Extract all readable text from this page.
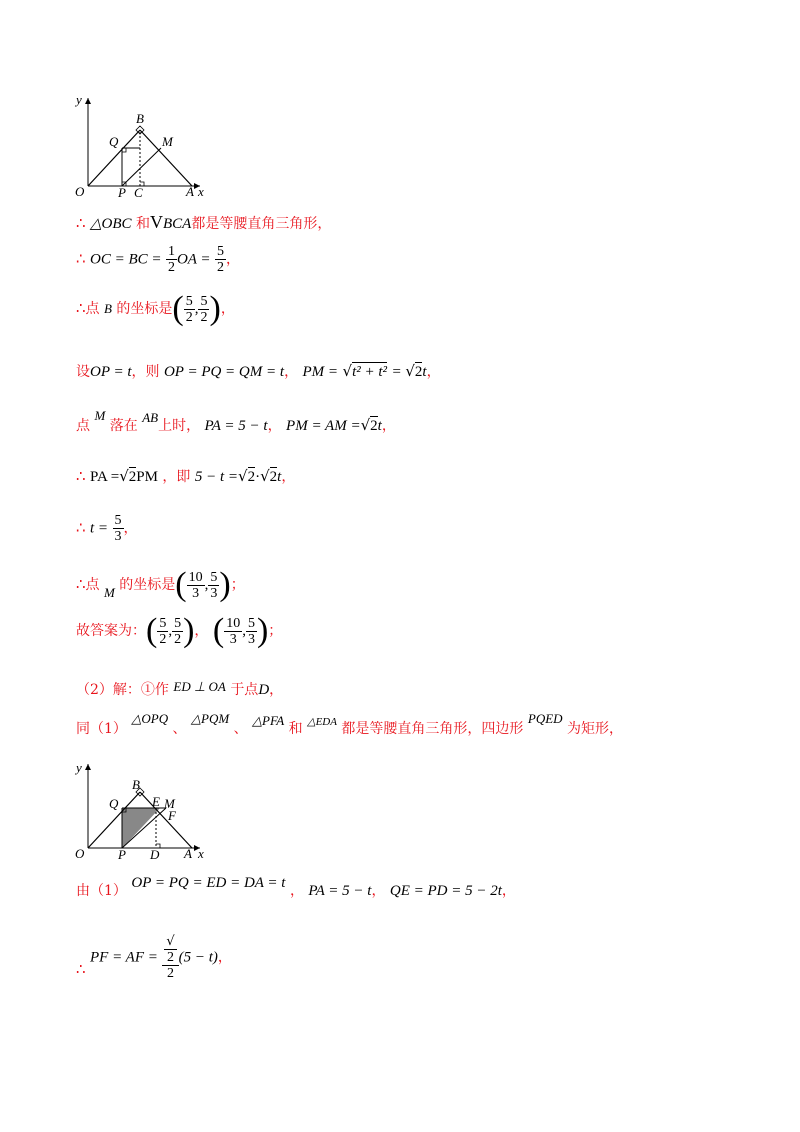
y
x
O
B
Q	M
P C	A
∴ △OBC 和VBCA都是等腰直角三角形，
∴ OC = BC = $\frac{1}{2}$ OA = $\frac{5}{2}$ ，
∴点 B 的坐标是( $\frac{5}{2}$ , $\frac{5}{2}$ )，
设OP = t，则 OP = PQ = QM = t， PM = √t² + t² = √2t，
点 M 落在 AB上时， PA = 5 − t， PM = AM =√2t，
∴ PA =√2PM ，即 5 − t =√2·√2t，
∴ $t = \frac{5}{3}$ ，
∴点 M 的坐标是( $\frac{10}{3}$ , $\frac{5}{3}$ )；
故答案为：( $\frac{5}{2}$ , $\frac{5}{2}$ )， ( $\frac{10}{3}$ , $\frac{5}{3}$ )；
（2）解：①作 ED ⊥ OA 于点D，
同（1） △OPQ 、 △PQM 、 △PFA 和 $^{\triangle EDA}$ 都是等腰直角三角形，四边形 PQED 为矩形，
y
x
O
B
Q	E M
F
P D A
由（1） OP = PQ = ED = DA = t ， PA = 5 − t， QE = PD = 5 − 2t，
∴ PF = AF = √
2
2 (5 − t)，
